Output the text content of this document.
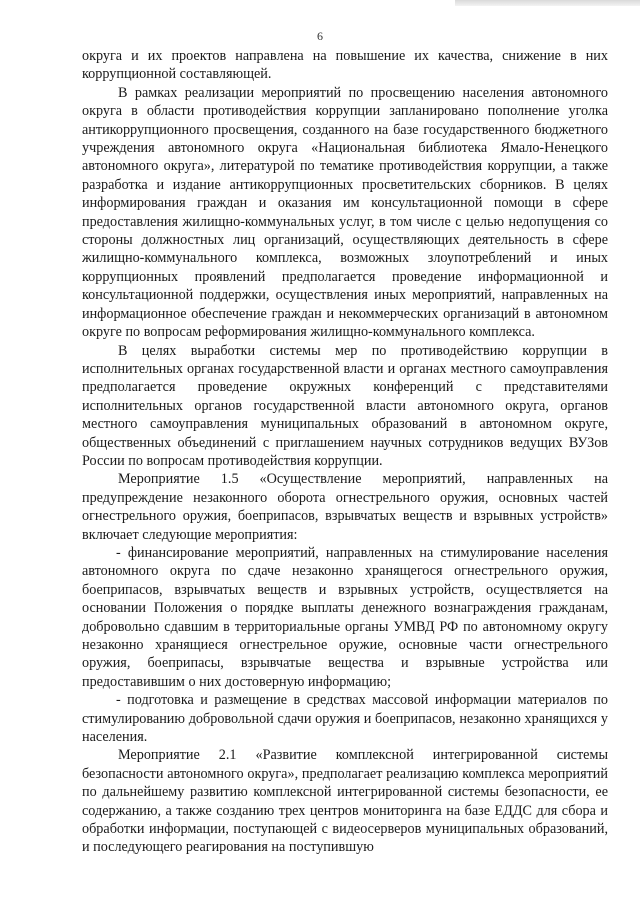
6

округа и их проектов направлена на повышение их качества, снижение в них коррупционной составляющей.

В рамках реализации мероприятий по просвещению населения автономного округа в области противодействия коррупции запланировано пополнение уголка антикоррупционного просвещения, созданного на базе государственного бюджетного учреждения автономного округа «Национальная библиотека Ямало-Ненецкого автономного округа», литературой по тематике противодействия коррупции, а также разработка и издание антикоррупционных просветительских сборников. В целях информирования граждан и оказания им консультационной помощи в сфере предоставления жилищно-коммунальных услуг, в том числе с целью недопущения со стороны должностных лиц организаций, осуществляющих деятельность в сфере жилищно-коммунального комплекса, возможных злоупотреблений и иных коррупционных проявлений предполагается проведение информационной и консультационной поддержки, осуществления иных мероприятий, направленных на информационное обеспечение граждан и некоммерческих организаций в автономном округе по вопросам реформирования жилищно-коммунального комплекса.

В целях выработки системы мер по противодействию коррупции в исполнительных органах государственной власти и органах местного самоуправления предполагается проведение окружных конференций с представителями исполнительных органов государственной власти автономного округа, органов местного самоуправления муниципальных образований в автономном округе, общественных объединений с приглашением научных сотрудников ведущих ВУЗов России по вопросам противодействия коррупции.

Мероприятие 1.5 «Осуществление мероприятий, направленных на предупреждение незаконного оборота огнестрельного оружия, основных частей огнестрельного оружия, боеприпасов, взрывчатых веществ и взрывных устройств» включает следующие мероприятия:

- финансирование мероприятий, направленных на стимулирование населения автономного округа по сдаче незаконно хранящегося огнестрельного оружия, боеприпасов, взрывчатых веществ и взрывных устройств, осуществляется на основании Положения о порядке выплаты денежного вознаграждения гражданам, добровольно сдавшим в территориальные органы УМВД РФ по автономному округу незаконно хранящиеся огнестрельное оружие, основные части огнестрельного оружия, боеприпасы, взрывчатые вещества и взрывные устройства или предоставившим о них достоверную информацию;

- подготовка и размещение в средствах массовой информации материалов по стимулированию добровольной сдачи оружия и боеприпасов, незаконно хранящихся у населения.

Мероприятие 2.1 «Развитие комплексной интегрированной системы безопасности автономного округа», предполагает реализацию комплекса мероприятий по дальнейшему развитию комплексной интегрированной системы безопасности, ее содержанию, а также созданию трех центров мониторинга на базе ЕДДС для сбора и обработки информации, поступающей с видеосерверов муниципальных образований, и последующего реагирования на поступившую
